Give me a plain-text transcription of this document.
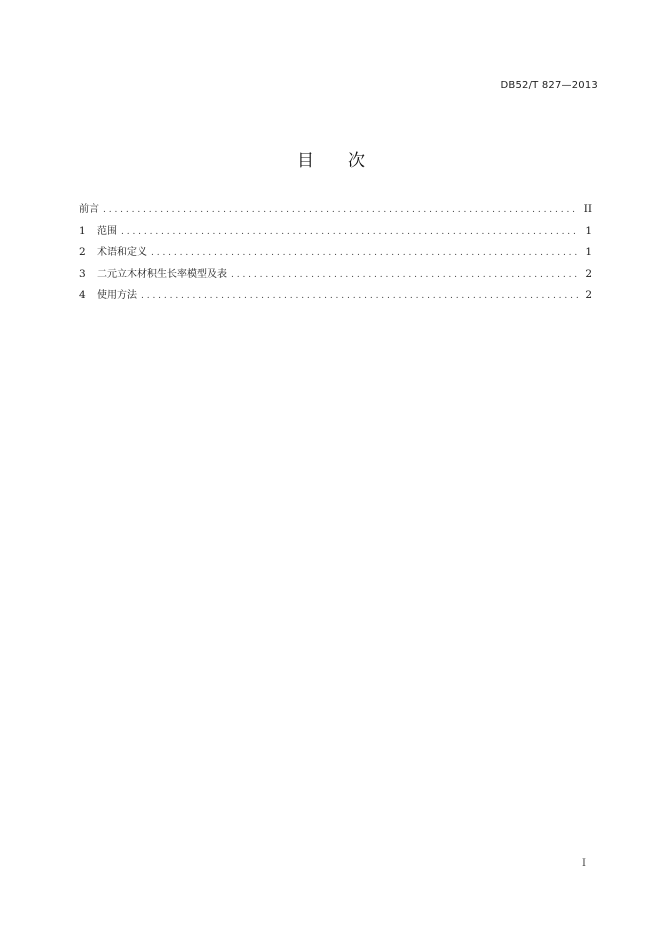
DB52/T 827—2013
目 次
前言 . . .	II
1	范围 . . .	1
2	术语和定义 . . .	1
3	二元立木材积生长率模型及表 . . .	2
4	使用方法 . . .	2
I
